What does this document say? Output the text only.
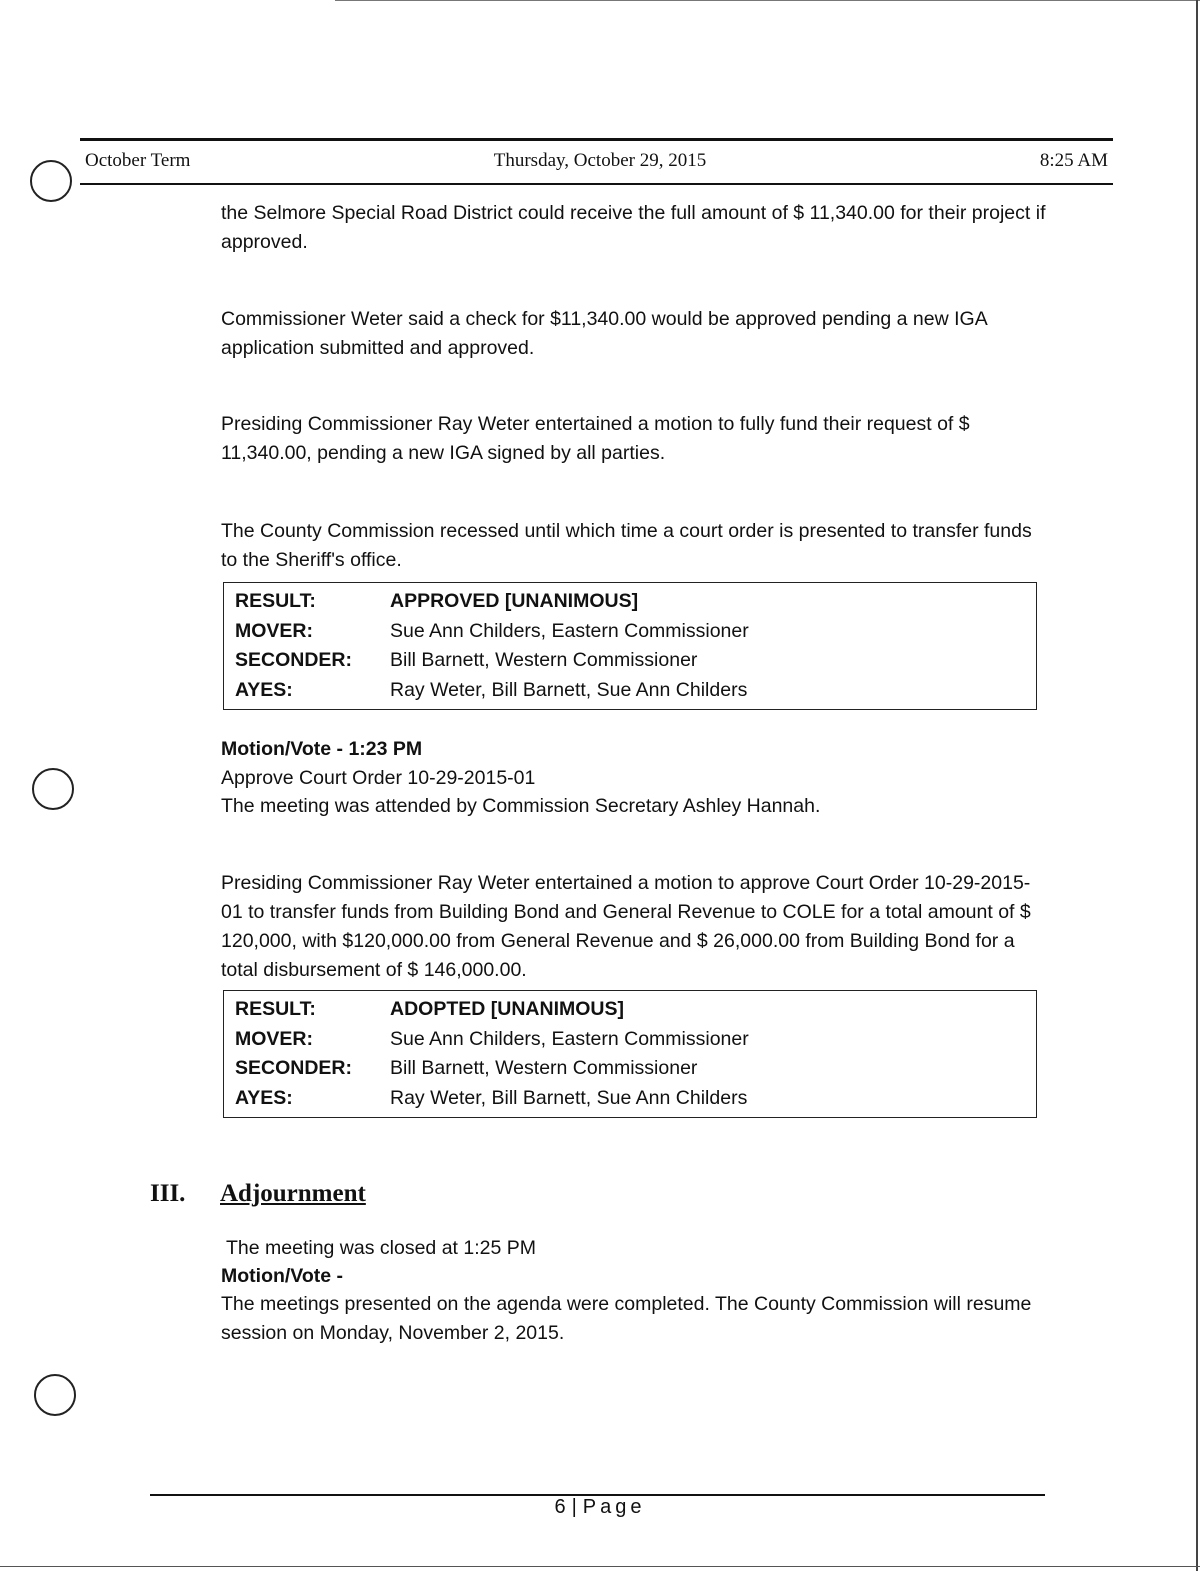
Thursday, October 29, 2015
October Term	8:25 AM
the Selmore Special Road District could receive the full amount of $ 11,340.00 for their project if approved.
Commissioner Weter said a check for $11,340.00 would be approved pending a new IGA application submitted and approved.
Presiding Commissioner Ray Weter entertained a motion to fully fund their request of $ 11,340.00, pending a new IGA signed by all parties.
The County Commission recessed until which time a court order is presented to transfer funds to the Sheriff's office.
RESULT:	APPROVED [UNANIMOUS]
MOVER:	Sue Ann Childers, Eastern Commissioner
SECONDER:	Bill Barnett, Western Commissioner
AYES:	Ray Weter, Bill Barnett, Sue Ann Childers
Motion/Vote - 1:23 PM
Approve Court Order 10-29-2015-01
The meeting was attended by Commission Secretary Ashley Hannah.
Presiding Commissioner Ray Weter entertained a motion to approve Court Order 10-29-2015-01 to transfer funds from Building Bond and General Revenue to COLE for a total amount of $ 120,000, with $120,000.00 from General Revenue and $ 26,000.00 from Building Bond for a total disbursement of $ 146,000.00.
RESULT:	ADOPTED [UNANIMOUS]
MOVER:	Sue Ann Childers, Eastern Commissioner
SECONDER:	Bill Barnett, Western Commissioner
AYES:	Ray Weter, Bill Barnett, Sue Ann Childers
III. Adjournment
The meeting was closed at 1:25 PM
Motion/Vote -
The meetings presented on the agenda were completed. The County Commission will resume session on Monday, November 2, 2015.
6 | Page
